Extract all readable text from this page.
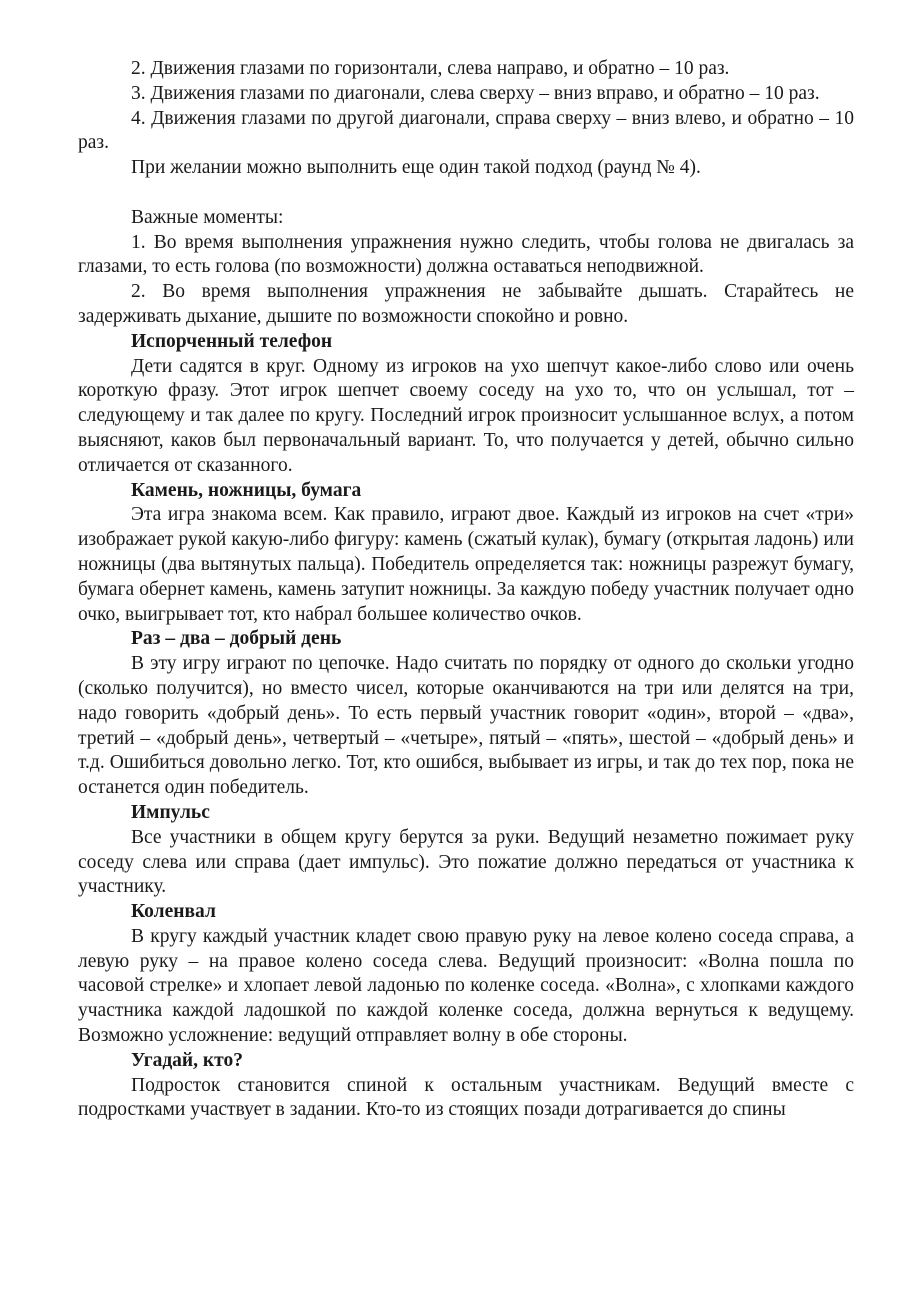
2. Движения глазами по горизонтали, слева направо, и обратно – 10 раз.

3. Движения глазами по диагонали, слева сверху – вниз вправо, и обратно – 10 раз.

4. Движения глазами по другой диагонали, справа сверху – вниз влево, и обратно – 10 раз.

При желании можно выполнить еще один такой подход (раунд № 4).

Важные моменты:

1. Во время выполнения упражнения нужно следить, чтобы голова не двигалась за глазами, то есть голова (по возможности) должна оставаться неподвижной.

2. Во время выполнения упражнения не забывайте дышать. Старайтесь не задерживать дыхание, дышите по возможности спокойно и ровно.

Испорченный телефон

Дети садятся в круг. Одному из игроков на ухо шепчут какое-либо слово или очень короткую фразу. Этот игрок шепчет своему соседу на ухо то, что он услышал, тот – следующему и так далее по кругу. Последний игрок произносит услышанное вслух, а потом выясняют, каков был первоначальный вариант. То, что получается у детей, обычно сильно отличается от сказанного.

Камень, ножницы, бумага

Эта игра знакома всем. Как правило, играют двое. Каждый из игроков на счет «три» изображает рукой какую-либо фигуру: камень (сжатый кулак), бумагу (открытая ладонь) или ножницы (два вытянутых пальца). Победитель определяется так: ножницы разрежут бумагу, бумага обернет камень, камень затупит ножницы. За каждую победу участник получает одно очко, выигрывает тот, кто набрал большее количество очков.

Раз – два – добрый день

В эту игру играют по цепочке. Надо считать по порядку от одного до скольки угодно (сколько получится), но вместо чисел, которые оканчиваются на три или делятся на три, надо говорить «добрый день». То есть первый участник говорит «один», второй – «два», третий – «добрый день», четвертый – «четыре», пятый – «пять», шестой – «добрый день» и т.д. Ошибиться довольно легко. Тот, кто ошибся, выбывает из игры, и так до тех пор, пока не останется один победитель.

Импульс

Все участники в общем кругу берутся за руки. Ведущий незаметно пожимает руку соседу слева или справа (дает импульс). Это пожатие должно передаться от участника к участнику.

Коленвал

В кругу каждый участник кладет свою правую руку на левое колено соседа справа, а левую руку – на правое колено соседа слева. Ведущий произносит: «Волна пошла по часовой стрелке» и хлопает левой ладонью по коленке соседа. «Волна», с хлопками каждого участника каждой ладошкой по каждой коленке соседа, должна вернуться к ведущему. Возможно усложнение: ведущий отправляет волну в обе стороны.

Угадай, кто?

Подросток становится спиной к остальным участникам. Ведущий вместе с подростками участвует в задании. Кто-то из стоящих позади дотрагивается до спины
